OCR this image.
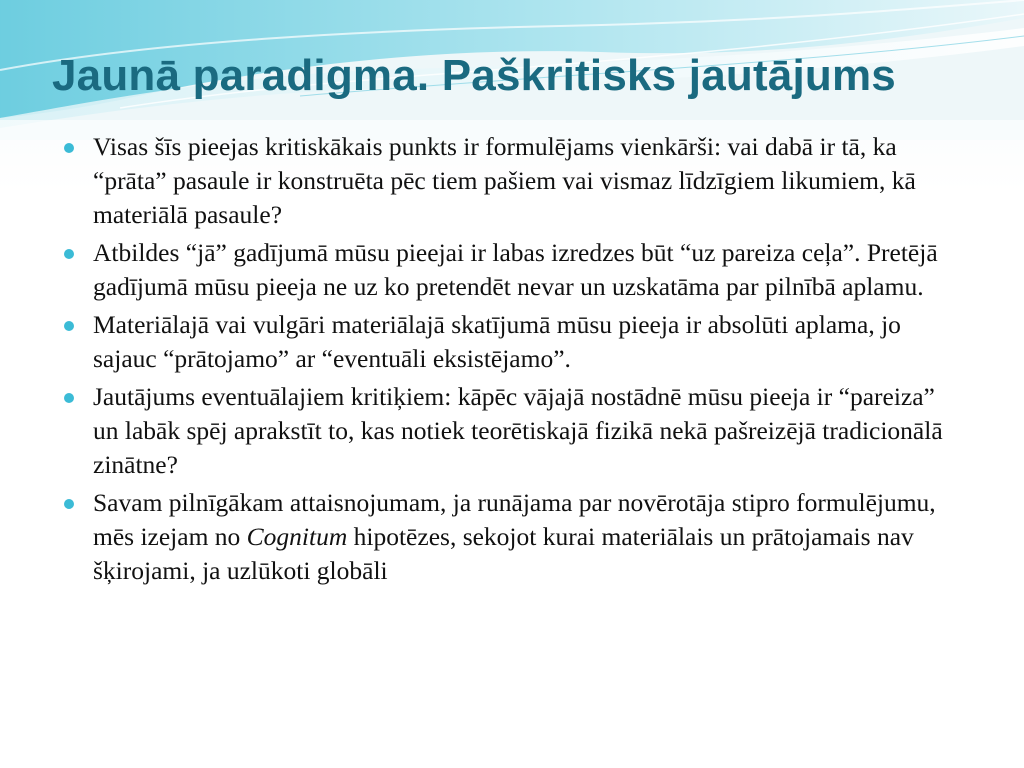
Jaunā paradigma. Paškritisks jautājums
Visas šīs pieejas kritiskākais punkts ir formulējams vienkārši: vai dabā ir tā, ka “prāta” pasaule ir konstruēta pēc tiem pašiem vai vismaz līdzīgiem likumiem, kā materiālā pasaule?
Atbildes “jā” gadījumā mūsu pieejai ir labas izredzes būt “uz pareiza ceļa”. Pretējā gadījumā mūsu pieeja ne uz ko pretendēt nevar un uzskatāma par pilnībā aplamu.
Materiālajā vai vulgāri materiālajā skatījumā mūsu pieeja ir absolūti aplama, jo sajauc “prātojamo” ar “eventuāli eksistējamo”.
Jautājums eventuālajiem kritiķiem: kāpēc vājajā nostādnē mūsu pieeja ir “pareiza” un labāk spēj aprakstīt to, kas notiek teorētiskajā fizikā nekā pašreizējā tradicionālā zinātne?
Savam pilnīgākam attaisnojumam, ja runājama par novērotāja stipro formulējumu, mēs izejam no Cognitum hipotēzes, sekojot kurai materiālais un prātojamais nav šķirojami, ja uzlūkoti globāli
